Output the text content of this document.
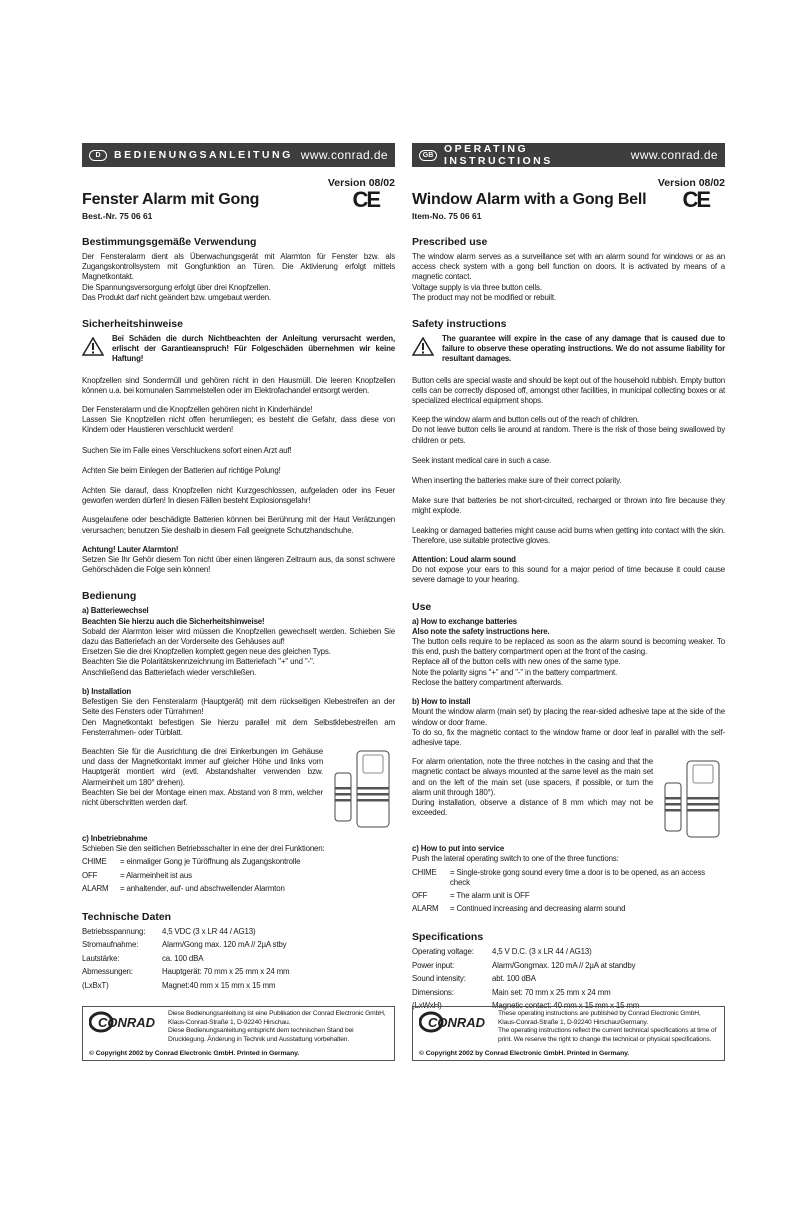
D	BEDIENUNGSANLEITUNG www.conrad.de
Version 08/02
Fenster Alarm mit Gong	CE
Best.-Nr. 75 06 61
Bestimmungsgemäße Verwendung
Der Fensteralarm dient als Überwachungsgerät mit Alarmton für Fenster bzw. als Zugangskontrollsystem mit Gongfunktion an Türen. Die Aktivierung erfolgt mittels Magnetkontakt.
Die Spannungsversorgung erfolgt über drei Knopfzellen.
Das Produkt darf nicht geändert bzw. umgebaut werden.
Sicherheitshinweise
Bei Schäden die durch Nichtbeachten der Anleitung verursacht werden, erlischt der Garantieanspruch! Für Folgeschäden übernehmen wir keine Haftung!
Knopfzellen sind Sondermüll und gehören nicht in den Hausmüll. Die leeren Knopfzellen können u.a. bei komunalen Sammelstellen oder im Elektrofachandel entsorgt werden.
Der Fensteralarm und die Knopfzellen gehören nicht in Kinderhände!
Lassen Sie Knopfzellen nicht offen herumliegen; es besteht die Gefahr, dass diese von Kindern oder Haustieren verschluckt werden!
Suchen Sie im Falle eines Verschluckens sofort einen Arzt auf!
Achten Sie beim Einlegen der Batterien auf richtige Polung!
Achten Sie darauf, dass Knopfzellen nicht Kurzgeschlossen, aufgeladen oder ins Feuer geworfen werden dürfen! In diesen Fällen besteht Explosionsgefahr!
Ausgelaufene oder beschädigte Batterien können bei Berührung mit der Haut Verätzungen verursachen; benutzen Sie deshalb in diesem Fall geeignete Schutzhandschuhe.
Achtung! Lauter Alarmton!
Setzen Sie Ihr Gehör diesem Ton nicht über einen längeren Zeitraum aus, da sonst schwere Gehörschäden die Folge sein können!
Bedienung
a) Batteriewechsel
Beachten Sie hierzu auch die Sicherheitshinweise!
Sobald der Alarmton leiser wird müssen die Knopfzellen gewechselt werden. Schieben Sie dazu das Batteriefach an der Vorderseite des Gehäuses auf!
Ersetzen Sie die drei Knopfzellen komplett gegen neue des gleichen Typs.
Beachten Sie die Polaritätskennzeichnung im Batteriefach "+" und "-".
Anschließend das Batteriefach wieder verschließen.
b) Installation
Befestigen Sie den Fensteralarm (Hauptgerät) mit dem rückseitigen Klebestreifen an der Seite des Fensters oder Türrahmen!
Den Magnetkontakt befestigen Sie hierzu parallel mit dem Selbstklebestreifen am Fensterrahmen- oder Türblatt.
Beachten Sie für die Ausrichtung die drei Einkerbungen im Gehäuse und dass der Magnetkontakt immer auf gleicher Höhe und links vom Hauptgerät montiert wird (evtl. Abstandshalter verwenden bzw. Alarmeinheit um 180° drehen).
Beachten Sie bei der Montage einen max. Abstand von 8 mm, welcher nicht überschritten werden darf.
c) Inbetriebnahme
Schieben Sie den seitlichen Betriebsschalter in eine der drei Funktionen:
CHIME	= einmaliger Gong je Türöffnung als Zugangskontrolle
OFF	= Alarmeinheit ist aus
ALARM	= anhaltender, auf- und abschwellender Alarmton
Technische Daten
Betriebsspannung:	4,5 VDC (3 x LR 44 / AG13)
Stromaufnahme:	Alarm/Gong max. 120 mA // 2µA stby
Lautstärke:	ca. 100 dBA
Abmessungen:	Hauptgerät: 70 mm x 25 mm x 24 mm
(LxBxT)	Magnet:40 mm x 15 mm x 15 mm
GB	OPERATING INSTRUCTIONS	www.conrad.de
Version 08/02
Window Alarm with a Gong Bell CE
Item-No. 75 06 61
Prescribed use
The window alarm serves as a surveillance set with an alarm sound for windows or as an access check system with a gong bell function on doors. It is activated by means of a magnetic contact.
Voltage supply is via three button cells.
The product may not be modified or rebuilt.
Safety instructions
The guarantee will expire in the case of any damage that is caused due to failure to observe these operating instructions. We do not assume liability for resultant damages.
Button cells are special waste and should be kept out of the household rubbish. Empty button cells can be correctly disposed off, amongst other facilities, in municipal collecting boxes or at specialized electrical equipment shops.
Keep the window alarm and button cells out of the reach of children.
Do not leave button cells lie around at random. There is the risk of those being swallowed by children or pets.
Seek instant medical care in such a case.
When inserting the batteries make sure of their correct polarity.
Make sure that batteries be not short-circuited, recharged or thrown into fire because they might explode.
Leaking or damaged batteries might cause acid burns when getting into contact with the skin. Therefore, use suitable protective gloves.
Attention: Loud alarm sound
Do not expose your ears to this sound for a major period of time because it could cause severe damage to your hearing.
Use
a) How to exchange batteries
Also note the safety instructions here.
The button cells require to be replaced as soon as the alarm sound is becoming weaker. To this end, push the battery compartment open at the front of the casing.
Replace all of the button cells with new ones of the same type.
Note the polarity signs "+" and "-" in the battery compartment.
Reclose the battery compartment afterwards.
b) How to install
Mount the window alarm (main set) by placing the rear-sided adhesive tape at the side of the window or door frame.
To do so, fix the magnetic contact to the window frame or door leaf in parallel with the self-adhesive tape.
For alarm orientation, note the three notches in the casing and that the magnetic contact be always mounted at the same level as the main set and on the left of the main set (use spacers, if possible, or turn the alarm unit through 180°).
During installation, observe a distance of 8 mm which may not be exceeded.
c) How to put into service
Push the lateral operating switch to one of the three functions:
CHIME	= Single-stroke gong sound every time a door is to be opened, as an access check
OFF	= The alarm unit is OFF
ALARM	= Continued increasing and decreasing alarm sound
Specifications
Operating voltage:	4,5 V D.C. (3 x LR 44 / AG13)
Power input:	Alarm/Gongmax. 120 mA // 2µA at standby
Sound intensity:	abt. 100 dBA
Dimensions:	Main set: 70 mm x 25 mm x 24 mm
(LxWxH)	Magnetic contact: 40 mm x 15 mm x 15 mm
CONRAD
Diese Bedienungsanleitung ist eine Publikation der Conrad Electronic GmbH, Klaus-Conrad-Straße 1, D-92240 Hirschau.
Diese Bedienungsanleitung entspricht dem technischen Stand bei Drucklegung. Änderung in Technik und Ausstattung vorbehalten.
© Copyright 2002 by Conrad Electronic GmbH. Printed in Germany.
CONRAD
These operating instructions are published by Conrad Electronic GmbH, Klaus-Conrad-Straße 1, D-92240 Hirschau/Germany.
The operating instructions reflect the current technical specifications at time of print. We reserve the right to change the technical or physical specifications.
© Copyright 2002 by Conrad Electronic GmbH. Printed in Germany.
